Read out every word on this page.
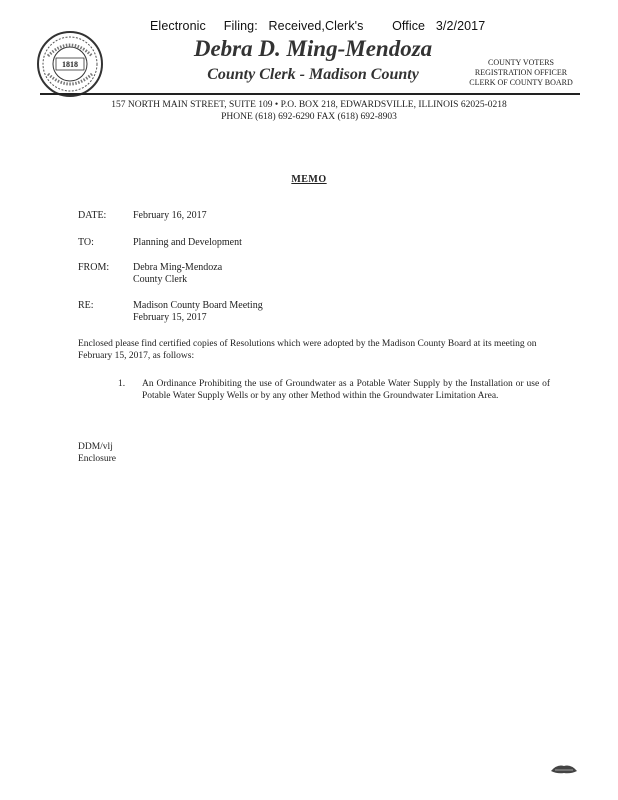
Electronic     Filing:   Received,Clerk's        Office   3/2/2017
1818
Debra D. Ming-Mendoza
County Clerk - Madison County
COUNTY VOTERS
REGISTRATION OFFICER
CLERK OF COUNTY BOARD
157 NORTH MAIN STREET, SUITE 109 • P.O. BOX 218, EDWARDSVILLE, ILLINOIS 62025-0218
PHONE (618) 692-6290 FAX (618) 692-8903
MEMO
DATE:	February 16, 2017
TO:	Planning and Development
FROM:	Debra Ming-Mendoza
County Clerk
RE:	Madison County Board Meeting
February 15, 2017
Enclosed please find certified copies of Resolutions which were adopted by the Madison County Board at its meeting on February 15, 2017, as follows:
1. An Ordinance Prohibiting the use of Groundwater as a Potable Water Supply by the Installation or use of Potable Water Supply Wells or by any other Method within the Groundwater Limitation Area.
DDM/vlj
Enclosure
